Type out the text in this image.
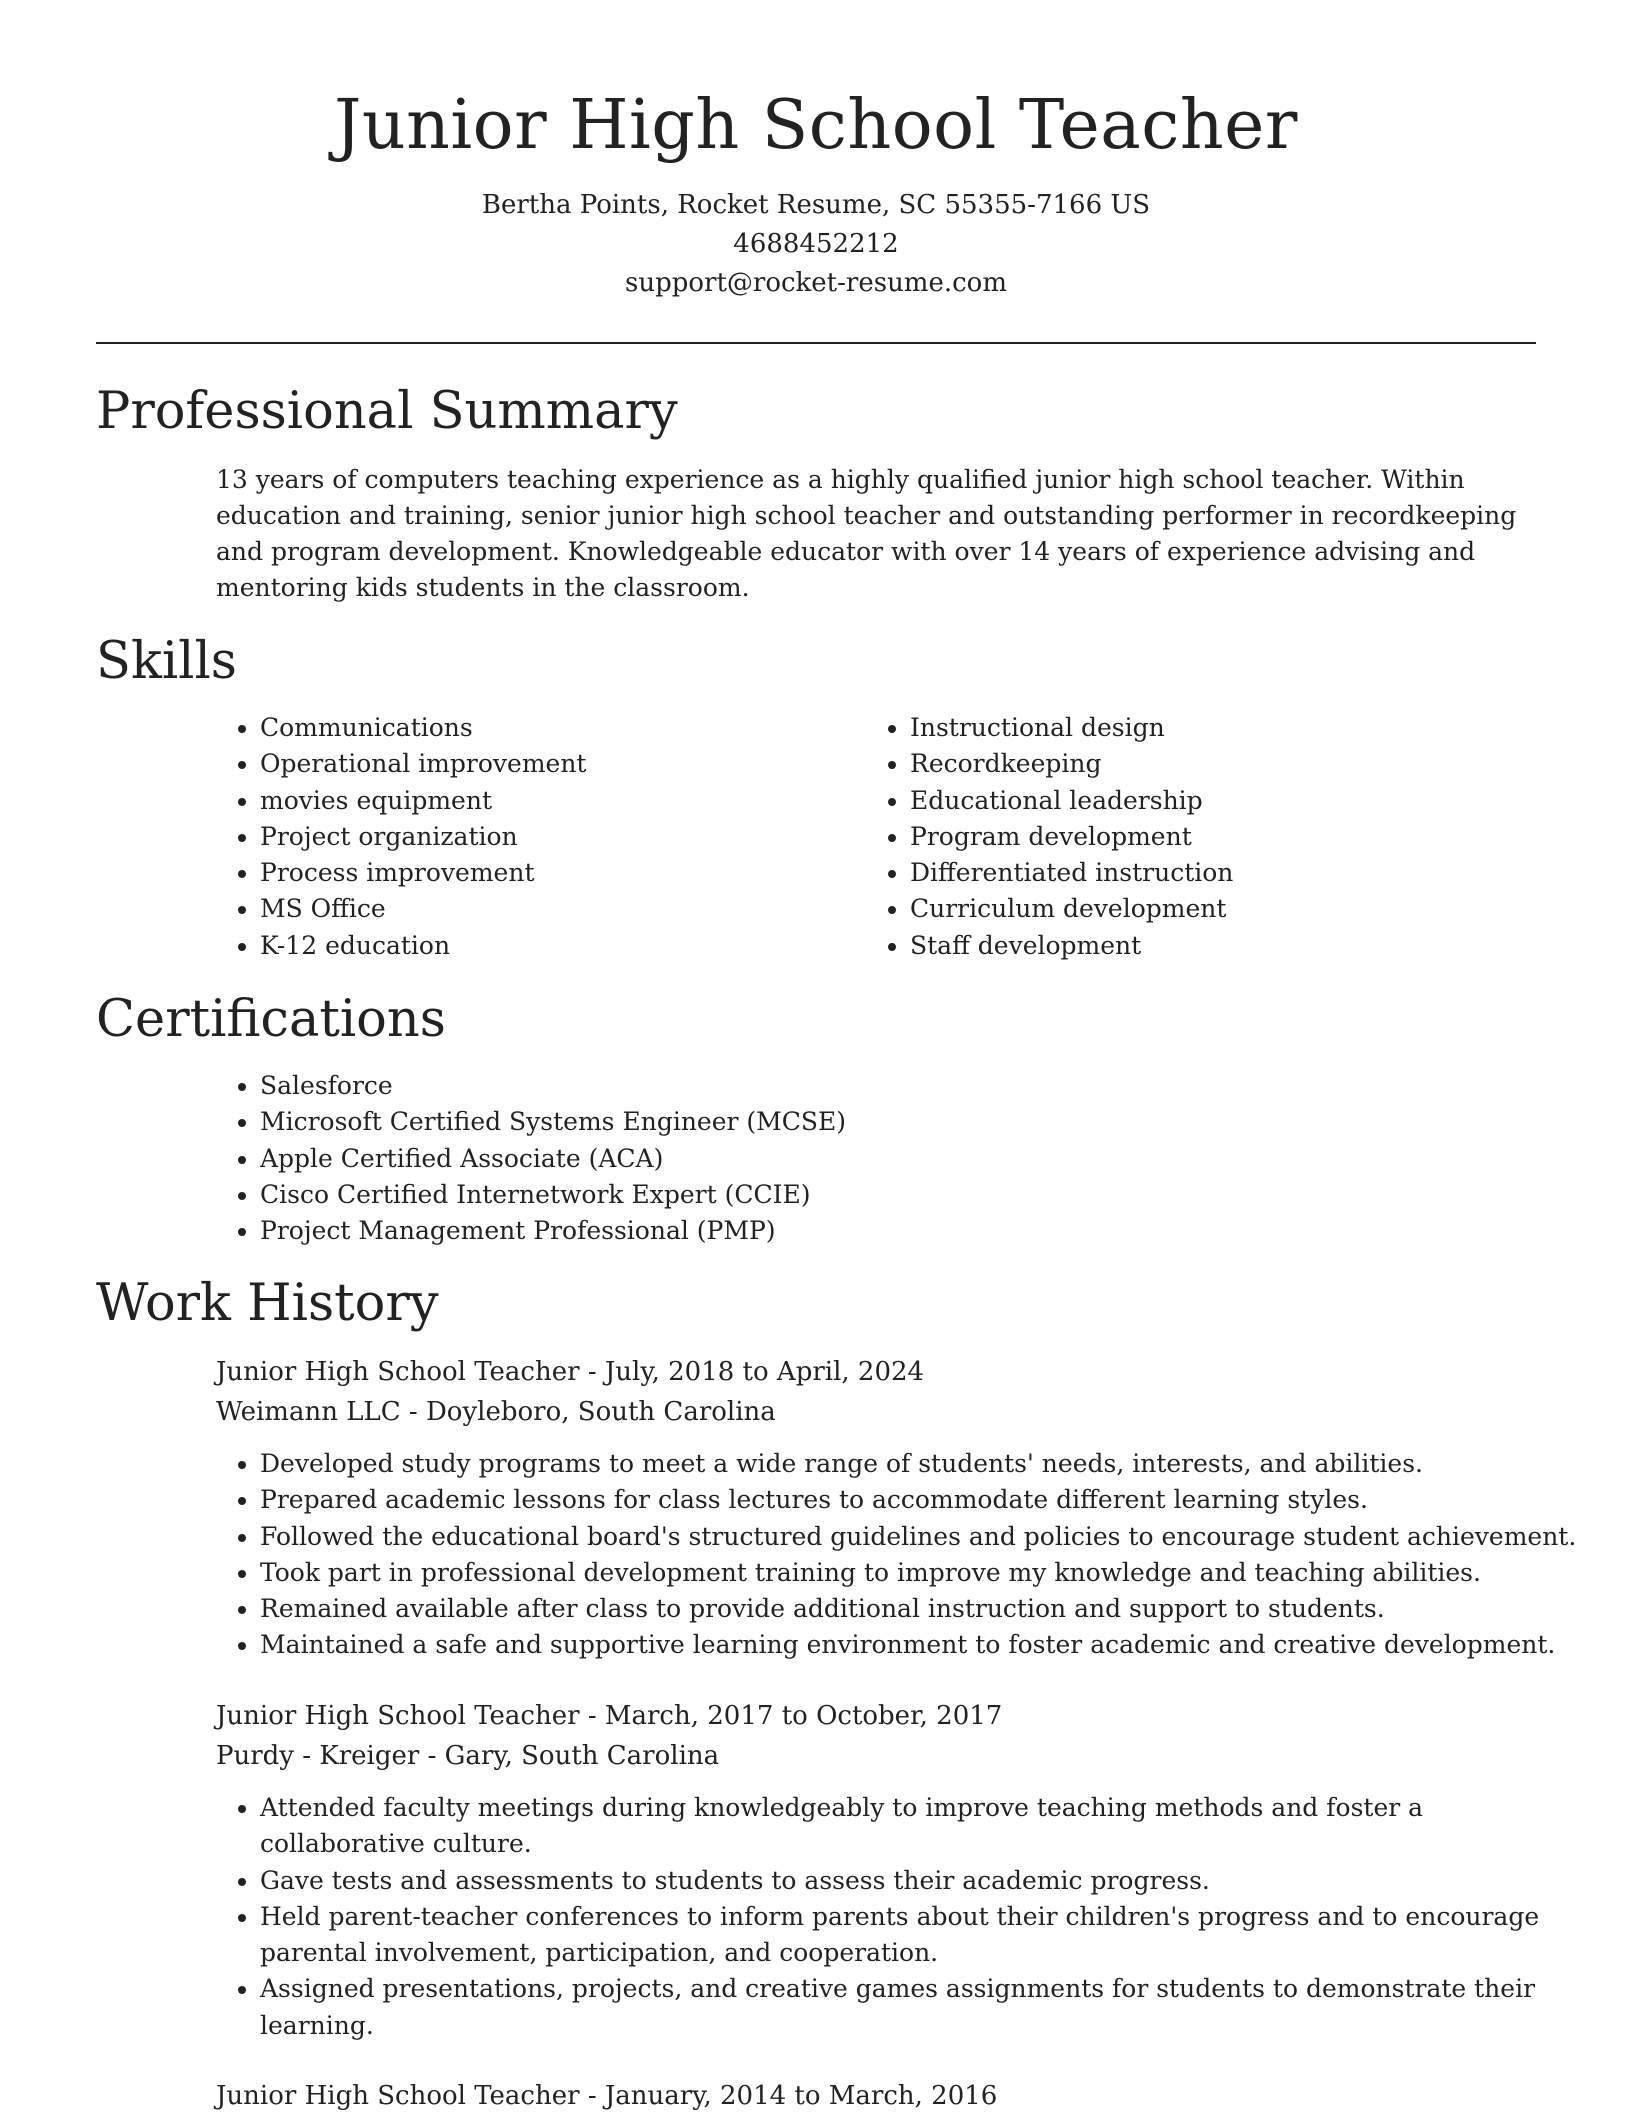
Junior High School Teacher
Bertha Points, Rocket Resume, SC 55355-7166 US
4688452212
support@rocket-resume.com
Professional Summary

13 years of computers teaching experience as a highly qualified junior high school teacher. Within education and training, senior junior high school teacher and outstanding performer in recordkeeping and program development. Knowledgeable educator with over 14 years of experience advising and mentoring kids students in the classroom.

Skills
• Communications
• Operational improvement
• movies equipment
• Project organization
• Process improvement
• MS Office
• K-12 education
• Instructional design
• Recordkeeping
• Educational leadership
• Program development
• Differentiated instruction
• Curriculum development
• Staff development
Certifications
• Salesforce
• Microsoft Certified Systems Engineer (MCSE)
• Apple Certified Associate (ACA)
• Cisco Certified Internetwork Expert (CCIE)
• Project Management Professional (PMP)
Work History
Junior High School Teacher - July, 2018 to April, 2024
Weimann LLC - Doyleboro, South Carolina
• Developed study programs to meet a wide range of students' needs, interests, and abilities.
• Prepared academic lessons for class lectures to accommodate different learning styles.
• Followed the educational board's structured guidelines and policies to encourage student achievement.
• Took part in professional development training to improve my knowledge and teaching abilities.
• Remained available after class to provide additional instruction and support to students.
• Maintained a safe and supportive learning environment to foster academic and creative development.
Junior High School Teacher - March, 2017 to October, 2017
Purdy - Kreiger - Gary, South Carolina
• Attended faculty meetings during knowledgeably to improve teaching methods and foster a collaborative culture.
• Gave tests and assessments to students to assess their academic progress.
• Held parent-teacher conferences to inform parents about their children's progress and to encourage parental involvement, participation, and cooperation.
• Assigned presentations, projects, and creative games assignments for students to demonstrate their learning.
Junior High School Teacher - January, 2014 to March, 2016
